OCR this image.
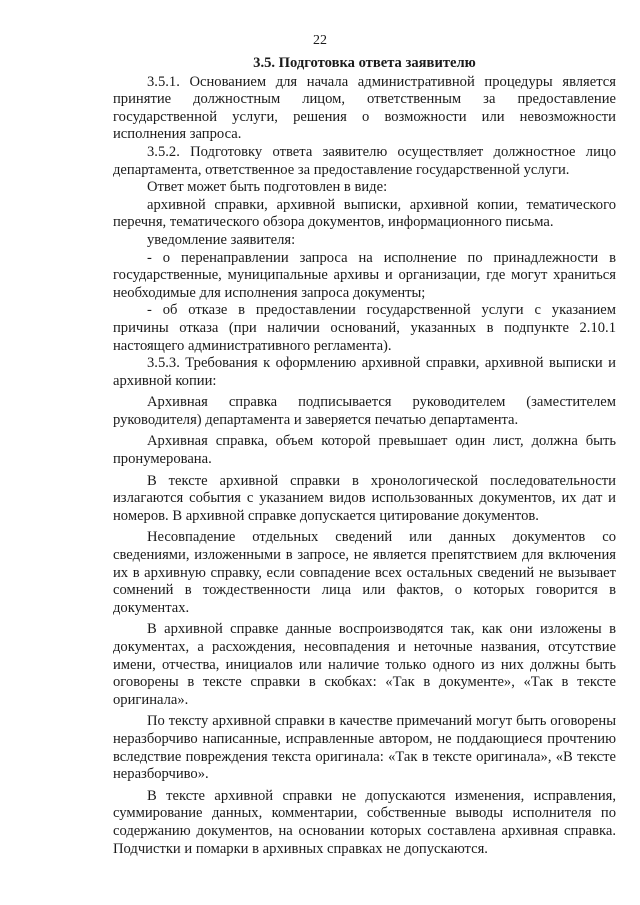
22
3.5. Подготовка ответа заявителю

3.5.1. Основанием для начала административной процедуры является принятие должностным лицом, ответственным за предоставление государственной услуги, решения о возможности или невозможности исполнения запроса.

3.5.2. Подготовку ответа заявителю осуществляет должностное лицо департамента, ответственное за предоставление государственной услуги.

Ответ может быть подготовлен в виде:

архивной справки, архивной выписки, архивной копии, тематического перечня, тематического обзора документов, информационного письма.

уведомление заявителя:

- о перенаправлении запроса на исполнение по принадлежности в государственные, муниципальные архивы и организации, где могут храниться необходимые для исполнения запроса документы;

- об отказе в предоставлении государственной услуги с указанием причины отказа (при наличии оснований, указанных в подпункте 2.10.1 настоящего административного регламента).

3.5.3. Требования к оформлению архивной справки, архивной выписки и архивной копии:

Архивная справка подписывается руководителем (заместителем руководителя) департамента и заверяется печатью департамента.

Архивная справка, объем которой превышает один лист, должна быть пронумерована.

В тексте архивной справки в хронологической последовательности излагаются события с указанием видов использованных документов, их дат и номеров. В архивной справке допускается цитирование документов.

Несовпадение отдельных сведений или данных документов со сведениями, изложенными в запросе, не является препятствием для включения их в архивную справку, если совпадение всех остальных сведений не вызывает сомнений в тождественности лица или фактов, о которых говорится в документах.

В архивной справке данные воспроизводятся так, как они изложены в документах, а расхождения, несовпадения и неточные названия, отсутствие имени, отчества, инициалов или наличие только одного из них должны быть оговорены в тексте справки в скобках: «Так в документе», «Так в тексте оригинала».

По тексту архивной справки в качестве примечаний могут быть оговорены неразборчиво написанные, исправленные автором, не поддающиеся прочтению вследствие повреждения текста оригинала: «Так в тексте оригинала», «В тексте неразборчиво».

В тексте архивной справки не допускаются изменения, исправления, суммирование данных, комментарии, собственные выводы исполнителя по содержанию документов, на основании которых составлена архивная справка. Подчистки и помарки в архивных справках не допускаются.
